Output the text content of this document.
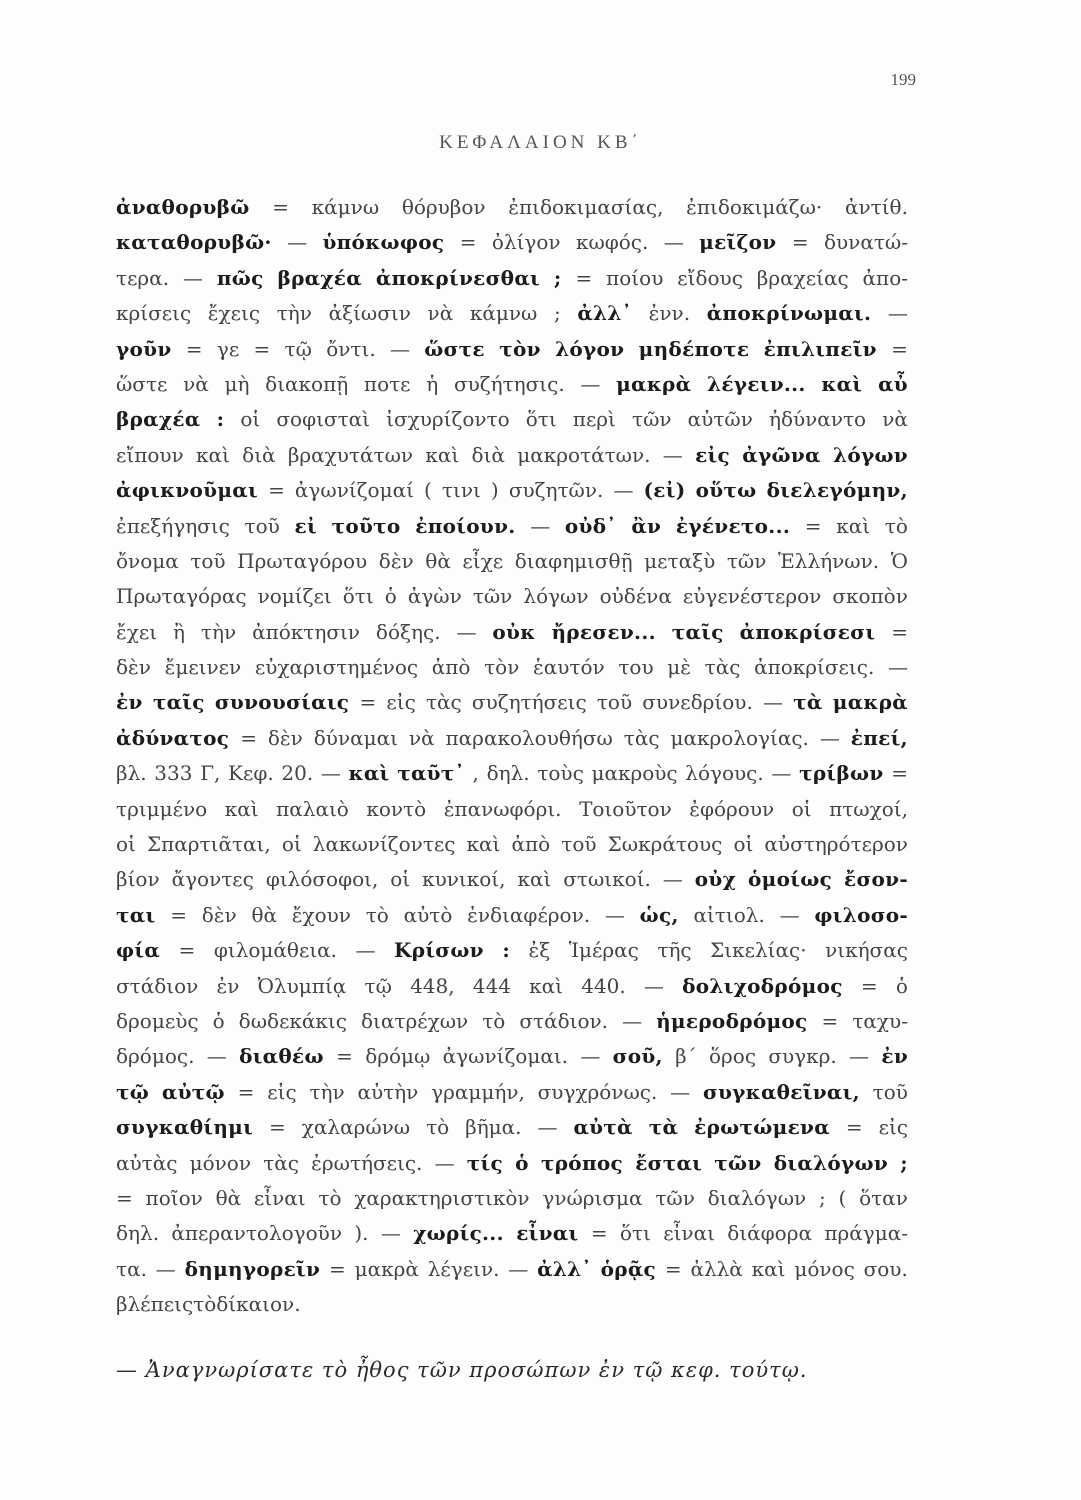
199
ΚΕΦΑΛΑΙΟΝ ΚΒ΄
ἀναθορυβῶ = κάμνω θόρυβον ἐπιδοκιμασίας, ἐπιδοκιμάζω· ἀντίθ.
καταθορυβῶ· — ὑπόκωφος = ὀλίγον κωφός. — μεῖζον = δυνατώ-
τερα. — πῶς βραχέα ἀποκρίνεσθαι ; = ποίου εἴδους βραχείας ἀπο-
κρίσεις ἔχεις τὴν ἀξίωσιν νὰ κάμνω ; ἀλλ᾽ ἐνν. ἀποκρίνωμαι. —
γοῦν = γε = τῷ ὄντι. — ὥστε τὸν λόγον μηδέποτε ἐπιλιπεῖν =
ὥστε νὰ μὴ διακοπῇ ποτε ἡ συζήτησις. — μακρὰ λέγειν... καὶ αὖ
βραχέα : οἱ σοφισταὶ ἰσχυρίζοντο ὅτι περὶ τῶν αὐτῶν ἠδύναντο νὰ
εἴπουν καὶ διὰ βραχυτάτων καὶ διὰ μακροτάτων. — εἰς ἀγῶνα λόγων
ἀφικνοῦμαι = ἀγωνίζομαί ( τινι ) συζητῶν. — (εἰ) οὕτω διελεγόμην,
ἐπεξήγησις τοῦ εἰ τοῦτο ἐποίουν. — οὐδ᾽ ἂν ἐγένετο... = καὶ τὸ
ὄνομα τοῦ Πρωταγόρου δὲν θὰ εἶχε διαφημισθῇ μεταξὺ τῶν Ἑλλήνων. Ὁ
Πρωταγόρας νομίζει ὅτι ὁ ἀγὼν τῶν λόγων οὐδένα εὐγενέστερον σκοπὸν
ἔχει ἢ τὴν ἀπόκτησιν δόξης. — οὐκ ἤρεσεν... ταῖς ἀποκρίσεσι =
δὲν ἔμεινεν εὐχαριστημένος ἀπὸ τὸν ἑαυτόν του μὲ τὰς ἀποκρίσεις. —
ἐν ταῖς συνουσίαις = εἰς τὰς συζητήσεις τοῦ συνεδρίου. — τὰ μακρὰ
ἀδύνατος = δὲν δύναμαι νὰ παρακολουθήσω τὰς μακρολογίας. — ἐπεί,
βλ. 333 Γ, Κεφ. 20. — καὶ ταῦτ᾽ , δηλ. τοὺς μακροὺς λόγους. — τρίβων =
τριμμένο καὶ παλαιὸ κοντὸ ἐπανωφόρι. Τοιοῦτον ἐφόρουν οἱ πτωχοί,
οἱ Σπαρτιᾶται, οἱ λακωνίζοντες καὶ ἀπὸ τοῦ Σωκράτους οἱ αὐστηρότερον
βίον ἄγοντες φιλόσοφοι, οἱ κυνικοί, καὶ στωικοί. — οὐχ ὁμοίως ἔσον-
ται = δὲν θὰ ἔχουν τὸ αὐτὸ ἐνδιαφέρον. — ὡς, αἰτιολ. — φιλοσο-
φία = φιλομάθεια. — Κρίσων : ἐξ Ἱμέρας τῆς Σικελίας· νικήσας
στάδιον ἐν Ὀλυμπίᾳ τῷ 448, 444 καὶ 440. — δολιχοδρόμος = ὁ
δρομεὺς ὁ δωδεκάκις διατρέχων τὸ στάδιον. — ἡμεροδρόμος = ταχυ-
δρόμος. — διαθέω = δρόμῳ ἀγωνίζομαι. — σοῦ, β΄ ὅρος συγκρ. — ἐν
τῷ αὐτῷ = εἰς τὴν αὐτὴν γραμμήν, συγχρόνως. — συγκαθεῖναι, τοῦ
συγκαθίημι = χαλαρώνω τὸ βῆμα. — αὐτὰ τὰ ἐρωτώμενα = εἰς
αὐτὰς μόνον τὰς ἐρωτήσεις. — τίς ὁ τρόπος ἔσται τῶν διαλόγων ;
= ποῖον θὰ εἶναι τὸ χαρακτηριστικὸν γνώρισμα τῶν διαλόγων ; ( ὅταν
δηλ. ἀπεραντολογοῦν ). — χωρίς... εἶναι = ὅτι εἶναι διάφορα πράγμα-
τα. — δημηγορεῖν = μακρὰ λέγειν. — ἀλλ᾽ ὁρᾷς = ἀλλὰ καὶ μόνος σου.
βλέπεις τὸ δίκαιον.
— Ἀναγνωρίσατε τὸ ἦθος τῶν προσώπων ἐν τῷ κεφ. τούτῳ.
